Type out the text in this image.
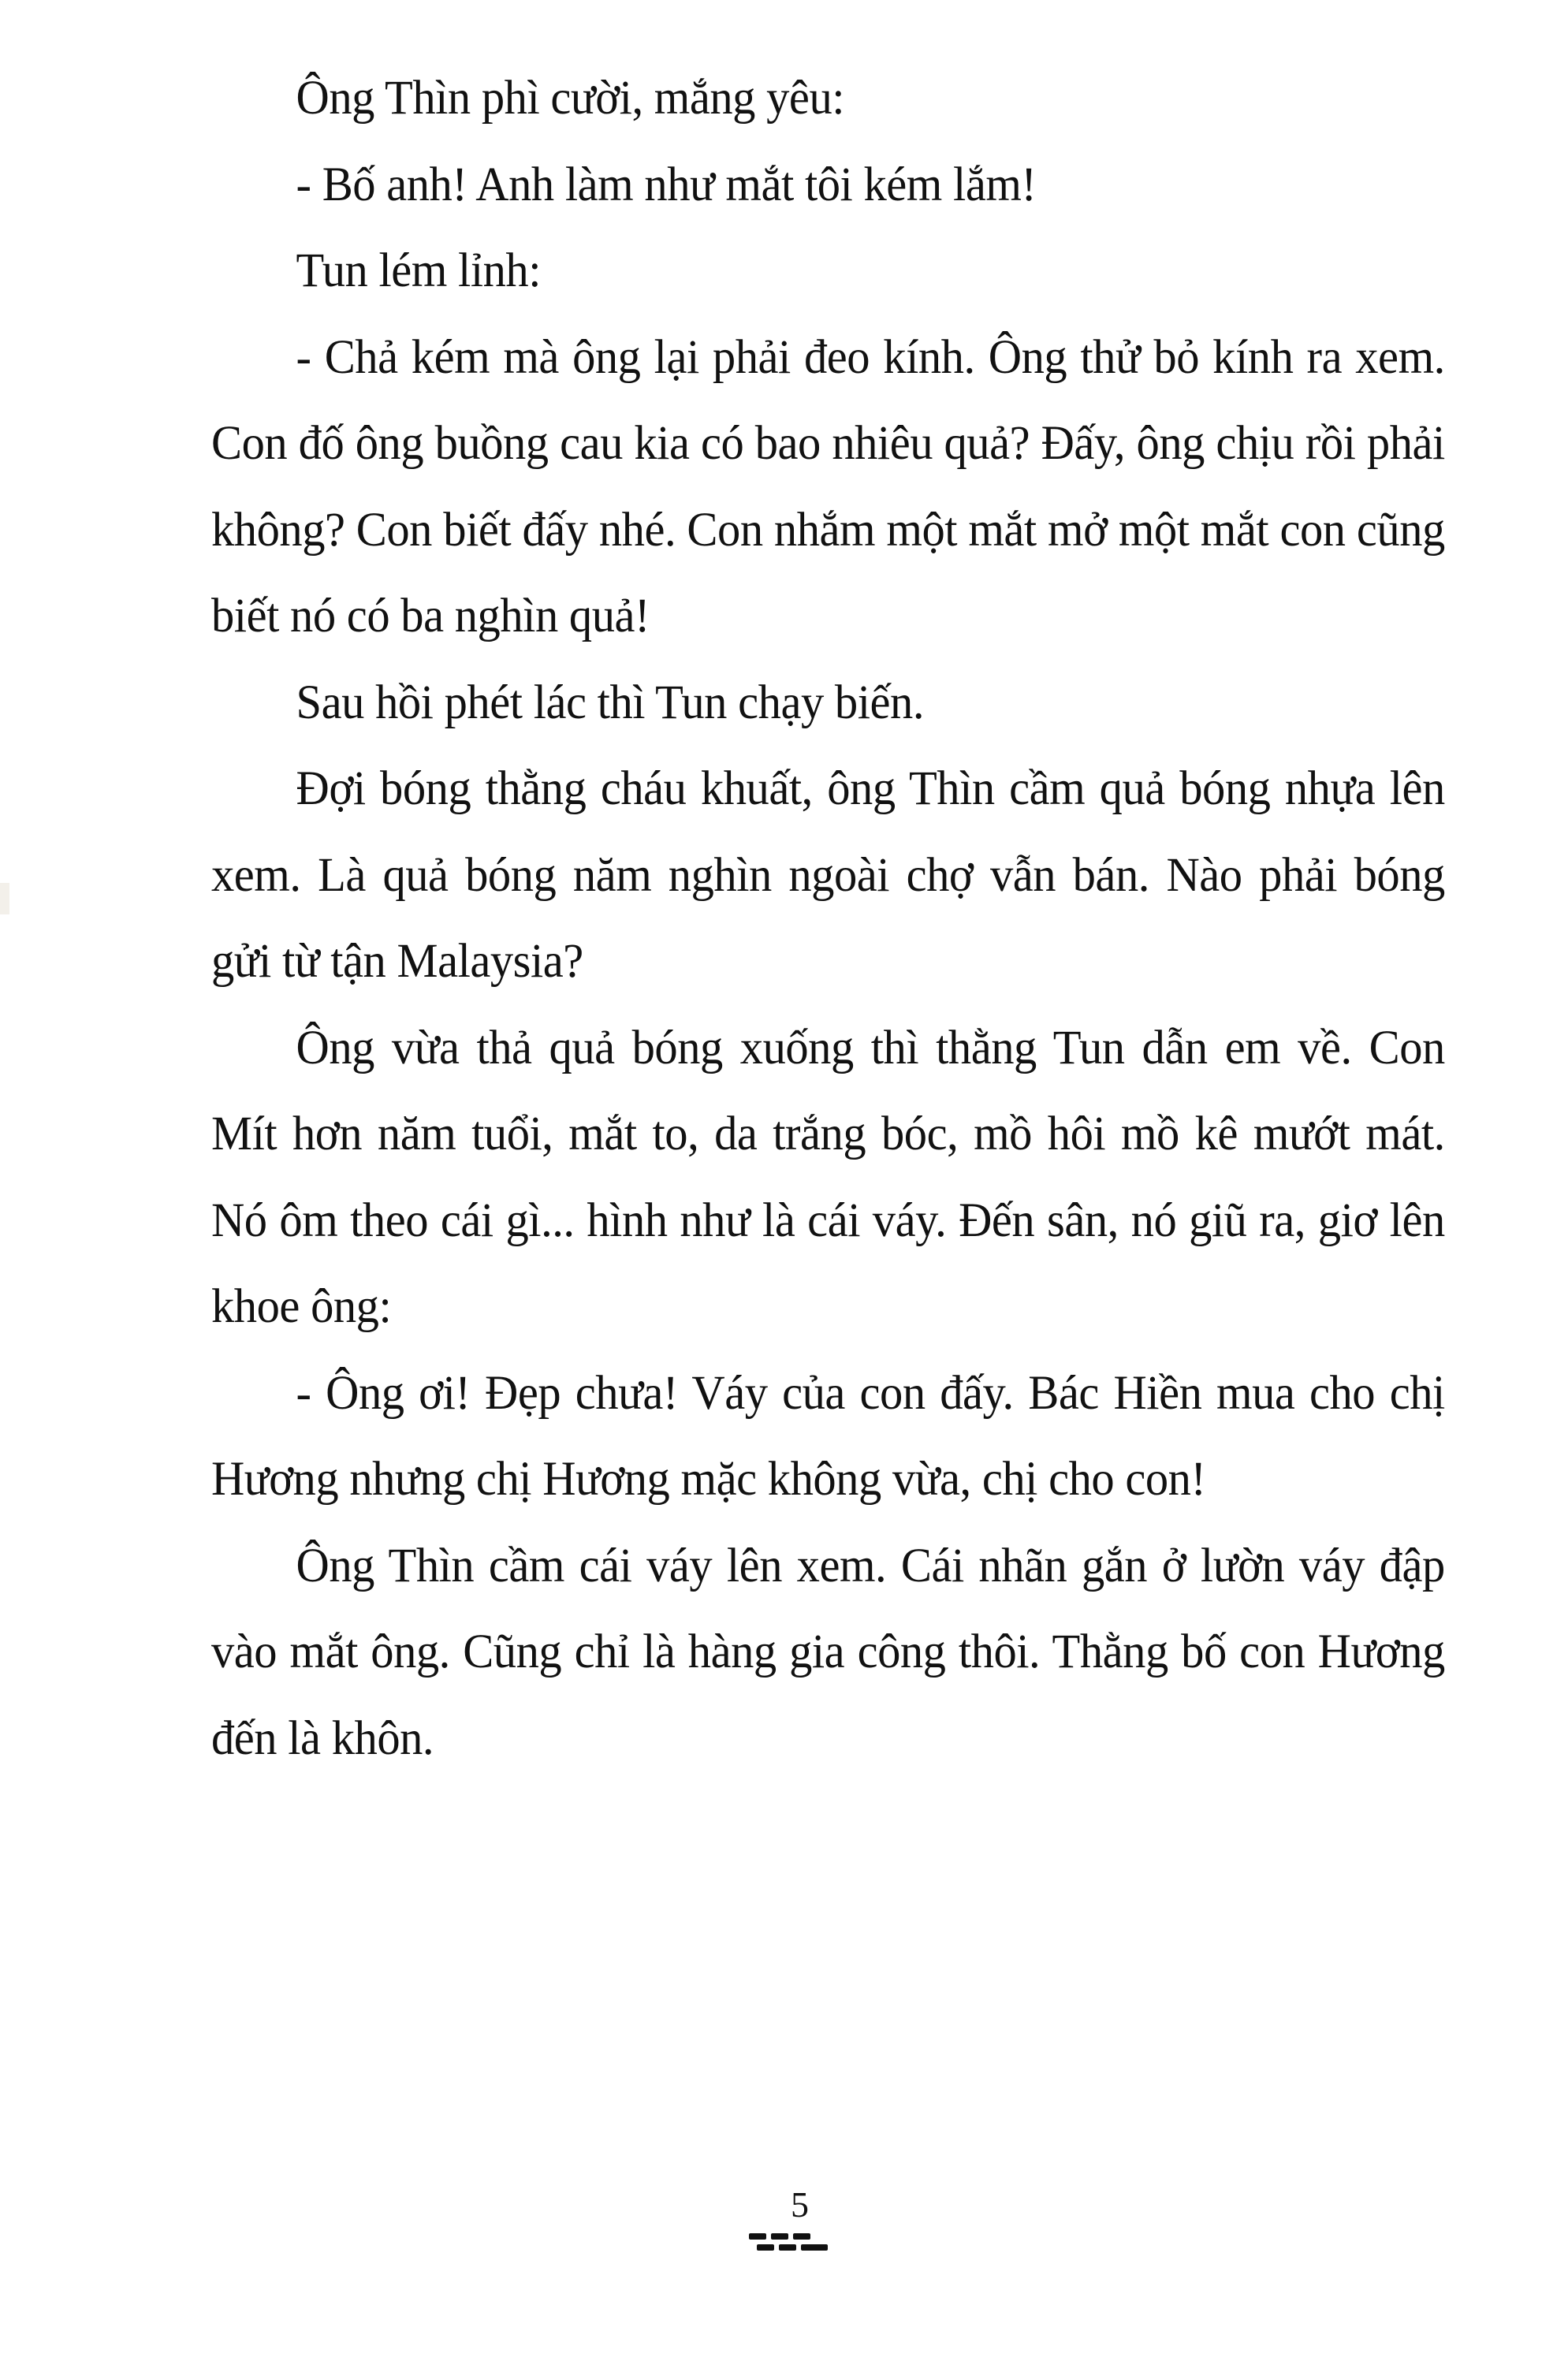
Ông Thìn phì cười, mắng yêu:

- Bố anh! Anh làm như mắt tôi kém lắm!

Tun lém lỉnh:

- Chả kém mà ông lại phải đeo kính. Ông thử bỏ kính ra xem. Con đố ông buồng cau kia có bao nhiêu quả? Đấy, ông chịu rồi phải không? Con biết đấy nhé. Con nhắm một mắt mở một mắt con cũng biết nó có ba nghìn quả!

Sau hồi phét lác thì Tun chạy biến.

Đợi bóng thằng cháu khuất, ông Thìn cầm quả bóng nhựa lên xem. Là quả bóng năm nghìn ngoài chợ vẫn bán. Nào phải bóng gửi từ tận Malaysia?

Ông vừa thả quả bóng xuống thì thằng Tun dẫn em về. Con Mít hơn năm tuổi, mắt to, da trắng bóc, mồ hôi mồ kê mướt mát. Nó ôm theo cái gì... hình như là cái váy. Đến sân, nó giũ ra, giơ lên khoe ông:

- Ông ơi! Đẹp chưa! Váy của con đấy. Bác Hiền mua cho chị Hương nhưng chị Hương mặc không vừa, chị cho con!

Ông Thìn cầm cái váy lên xem. Cái nhãn gắn ở lườn váy đập vào mắt ông. Cũng chỉ là hàng gia công thôi. Thằng bố con Hương đến là khôn.

5
